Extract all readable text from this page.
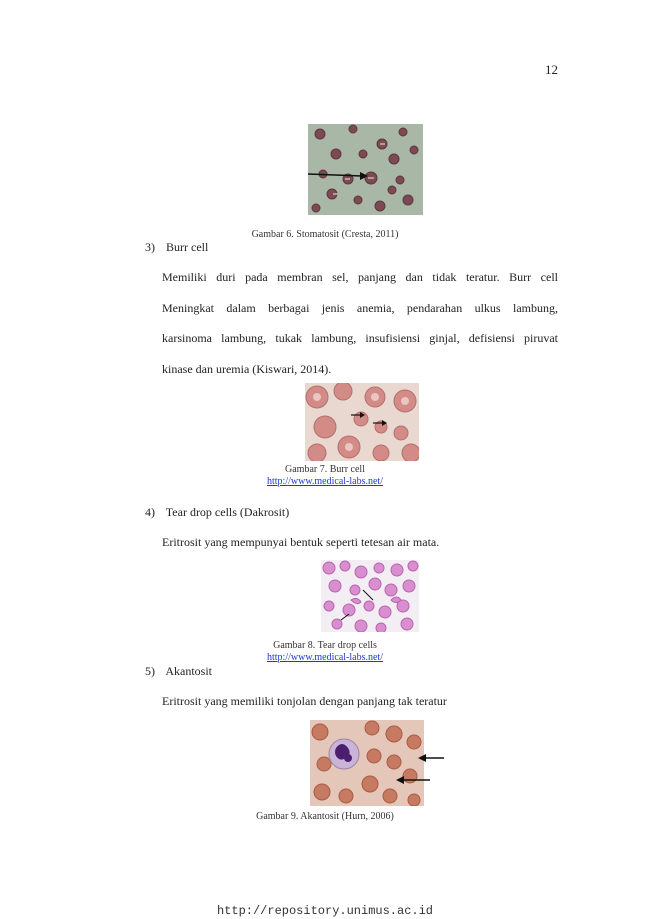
12
Gambar 6. Stomatosit (Cresta, 2011)
3) Burr cell
Memiliki duri pada membran sel, panjang dan tidak teratur. Burr cell
Meningkat dalam berbagai jenis anemia, pendarahan ulkus lambung,
karsinoma lambung, tukak lambung, insufisiensi ginjal, defisiensi piruvat
kinase dan uremia (Kiswari, 2014).
Gambar 7. Burr cell
http://www.medical-labs.net/
4) Tear drop cells (Dakrosit)
Eritrosit yang mempunyai bentuk seperti tetesan air mata.
Gambar 8. Tear drop cells
http://www.medical-labs.net/
5) Akantosit
Eritrosit yang memiliki tonjolan dengan panjang tak teratur
Gambar 9. Akantosit (Hurn, 2006)
http://repository.unimus.ac.id
